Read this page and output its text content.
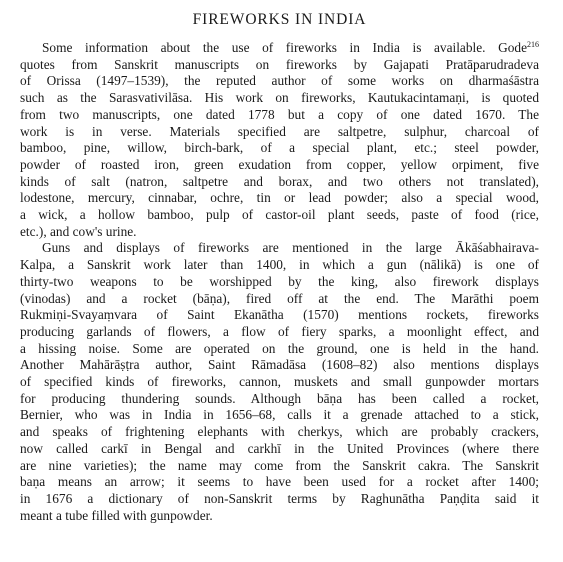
FIREWORKS IN INDIA
Some information about the use of fireworks in India is available. Gode$^{216}$
quotes from Sanskrit manuscripts on fireworks by Gajapati Pratāparudradeva
of Orissa (1497–1539), the reputed author of some works on dharmaśāstra
such as the Sarasvativilāsa. His work on fireworks, Kautukacintamaṇi, is quoted
from two manuscripts, one dated 1778 but a copy of one dated 1670. The
work is in verse. Materials specified are saltpetre, sulphur, charcoal of
bamboo, pine, willow, birch-bark, of a special plant, etc.; steel powder,
powder of roasted iron, green exudation from copper, yellow orpiment, five
kinds of salt (natron, saltpetre and borax, and two others not translated),
lodestone, mercury, cinnabar, ochre, tin or lead powder; also a special wood,
a wick, a hollow bamboo, pulp of castor-oil plant seeds, paste of food (rice,
etc.), and cow's urine.
Guns and displays of fireworks are mentioned in the large Ākāśabhairava-
Kalpa, a Sanskrit work later than 1400, in which a gun (nālikā) is one of
thirty-two weapons to be worshipped by the king, also firework displays
(vinodas) and a rocket (bāṇa), fired off at the end. The Marāthi poem
Rukmiṇi-Svayaṃvara of Saint Ekanātha (1570) mentions rockets, fireworks
producing garlands of flowers, a flow of fiery sparks, a moonlight effect, and
a hissing noise. Some are operated on the ground, one is held in the hand.
Another Mahārāṣṭra author, Saint Rāmadāsa (1608–82) also mentions displays
of specified kinds of fireworks, cannon, muskets and small gunpowder mortars
for producing thundering sounds. Although bāṇa has been called a rocket,
Bernier, who was in India in 1656–68, calls it a grenade attached to a stick,
and speaks of frightening elephants with cherkys, which are probably crackers,
now called carkī in Bengal and carkhī in the United Provinces (where there
are nine varieties); the name may come from the Sanskrit cakra. The Sanskrit
baṇa means an arrow; it seems to have been used for a rocket after 1400;
in 1676 a dictionary of non-Sanskrit terms by Raghunātha Paṇḍita said it
meant a tube filled with gunpowder.
